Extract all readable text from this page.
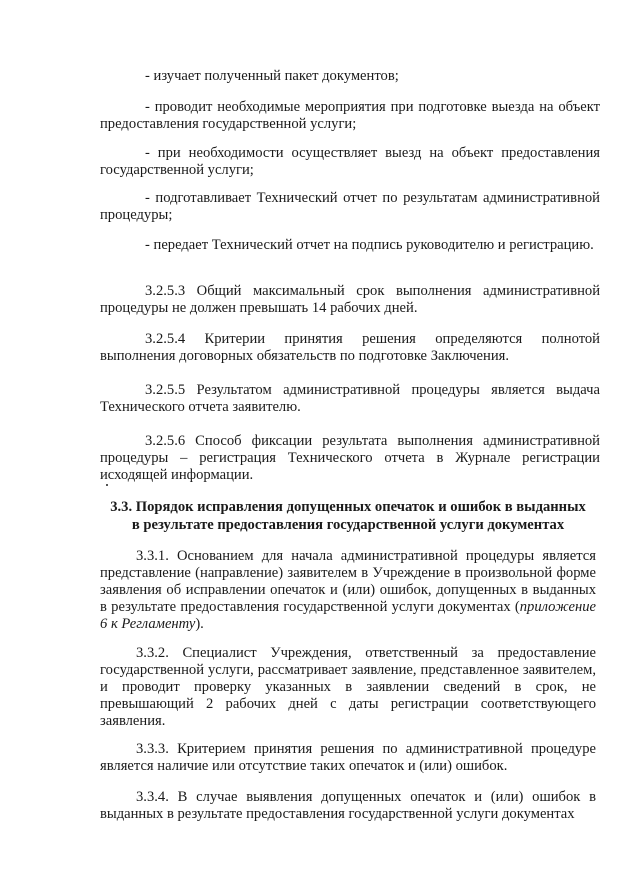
- изучает полученный пакет документов;

- проводит необходимые мероприятия при подготовке выезда на объект предоставления государственной услуги;

- при необходимости осуществляет выезд на объект предоставления государственной услуги;

- подготавливает Технический отчет по результатам административной процедуры;

- передает Технический отчет на подпись руководителю и регистрацию.

3.2.5.3 Общий максимальный срок выполнения административной процедуры не должен превышать 14 рабочих дней.

3.2.5.4 Критерии принятия решения определяются полнотой выполнения договорных обязательств по подготовке Заключения.

3.2.5.5 Результатом административной процедуры является выдача Технического отчета заявителю.

3.2.5.6 Способ фиксации результата выполнения административной процедуры – регистрация Технического отчета в Журнале регистрации исходящей информации.

3.3. Порядок исправления допущенных опечаток и ошибок в выданных
в результате предоставления государственной услуги документах

3.3.1. Основанием для начала административной процедуры является представление (направление) заявителем в Учреждение в произвольной форме заявления об исправлении опечаток и (или) ошибок, допущенных в выданных в результате предоставления государственной услуги документах (приложение 6 к Регламенту).

3.3.2. Специалист Учреждения, ответственный за предоставление государственной услуги, рассматривает заявление, представленное заявителем, и проводит проверку указанных в заявлении сведений в срок, не превышающий 2 рабочих дней с даты регистрации соответствующего заявления.

3.3.3. Критерием принятия решения по административной процедуре является наличие или отсутствие таких опечаток и (или) ошибок.

3.3.4. В случае выявления допущенных опечаток и (или) ошибок в выданных в результате предоставления государственной услуги документах
